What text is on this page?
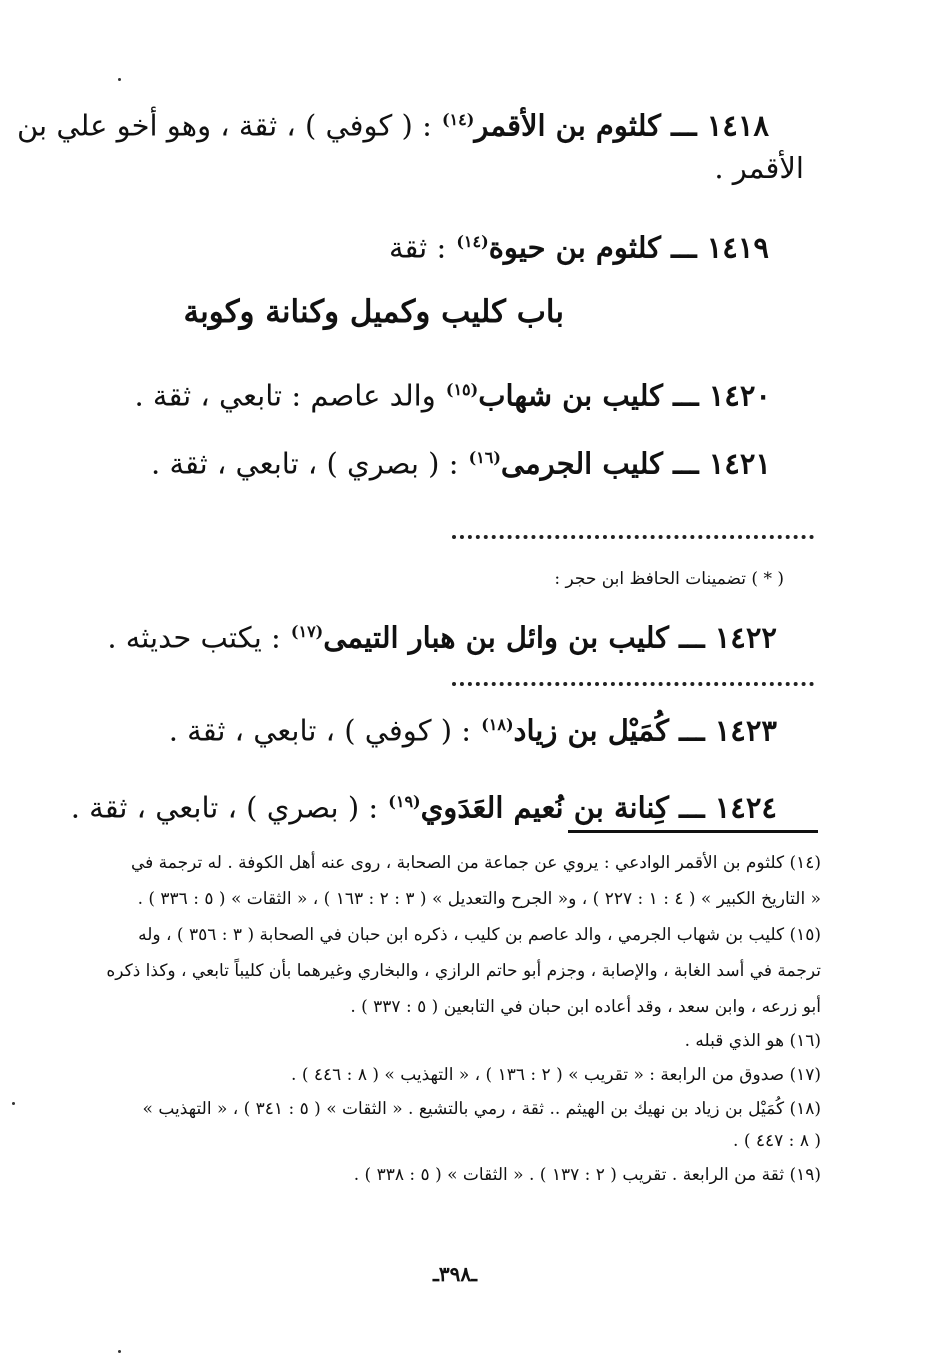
١٤١٨ ـــ كلثوم بن الأقمر$^{(١٤)}$ : ( كوفي ) ، ثقة ، وهو أخو علي بن
الأقمر .
١٤١٩ ـــ كلثوم بن حيوة$^{(١٤)}$ : ثقة
باب كليب وكميل وكنانة وكوبة
١٤٢٠ ـــ كليب بن شهاب$^{(١٥)}$ والد عاصم : تابعي ، ثقة .
١٤٢١ ـــ كليب الجرمى$^{(١٦)}$ : ( بصري ) ، تابعي ، ثقة .
( * ) تضمينات الحافظ ابن حجر :
١٤٢٢ ـــ كليب بن وائل بن هبار التيمى$^{(١٧)}$ : يكتب حديثه .
١٤٢٣ ـــ كُمَيْل بن زياد$^{(١٨)}$ : ( كوفي ) ، تابعي ، ثقة .
١٤٢٤ ـــ كِنانة بن نُعيم العَدَوي$^{(١٩)}$ : ( بصري ) ، تابعي ، ثقة .
(١٤) كلثوم بن الأقمر الوادعي : يروي عن جماعة من الصحابة ، روى عنه أهل الكوفة . له ترجمة في
« التاريخ الكبير » ( ٤ : ١ : ٢٢٧ ) ، و« الجرح والتعديل » ( ٣ : ٢ : ١٦٣ ) ، « الثقات » ( ٥ : ٣٣٦ ) .
(١٥) كليب بن شهاب الجرمي ، والد عاصم بن كليب ، ذكره ابن حبان في الصحابة ( ٣ : ٣٥٦ ) ، وله
ترجمة في أسد الغابة ، والإصابة ، وجزم أبو حاتم الرازي ، والبخاري وغيرهما بأن كليباً تابعي ، وكذا ذكره
أبو زرعه ، وابن سعد ، وقد أعاده ابن حبان في التابعين ( ٥ : ٣٣٧ ) .
(١٦) هو الذي قبله .
(١٧) صدوق من الرابعة : « تقريب » ( ٢ : ١٣٦ ) ، « التهذيب » ( ٨ : ٤٤٦ ) .
(١٨) كُمَيْل بن زياد بن نهيك بن الهيثم .. ثقة ، رمي بالتشيع . « الثقات » ( ٥ : ٣٤١ ) ، « التهذيب »
( ٨ : ٤٤٧ ) .
(١٩) ثقة من الرابعة . تقريب ( ٢ : ١٣٧ ) . « الثقات » ( ٥ : ٣٣٨ ) .
ـ٣٩٨ـ
